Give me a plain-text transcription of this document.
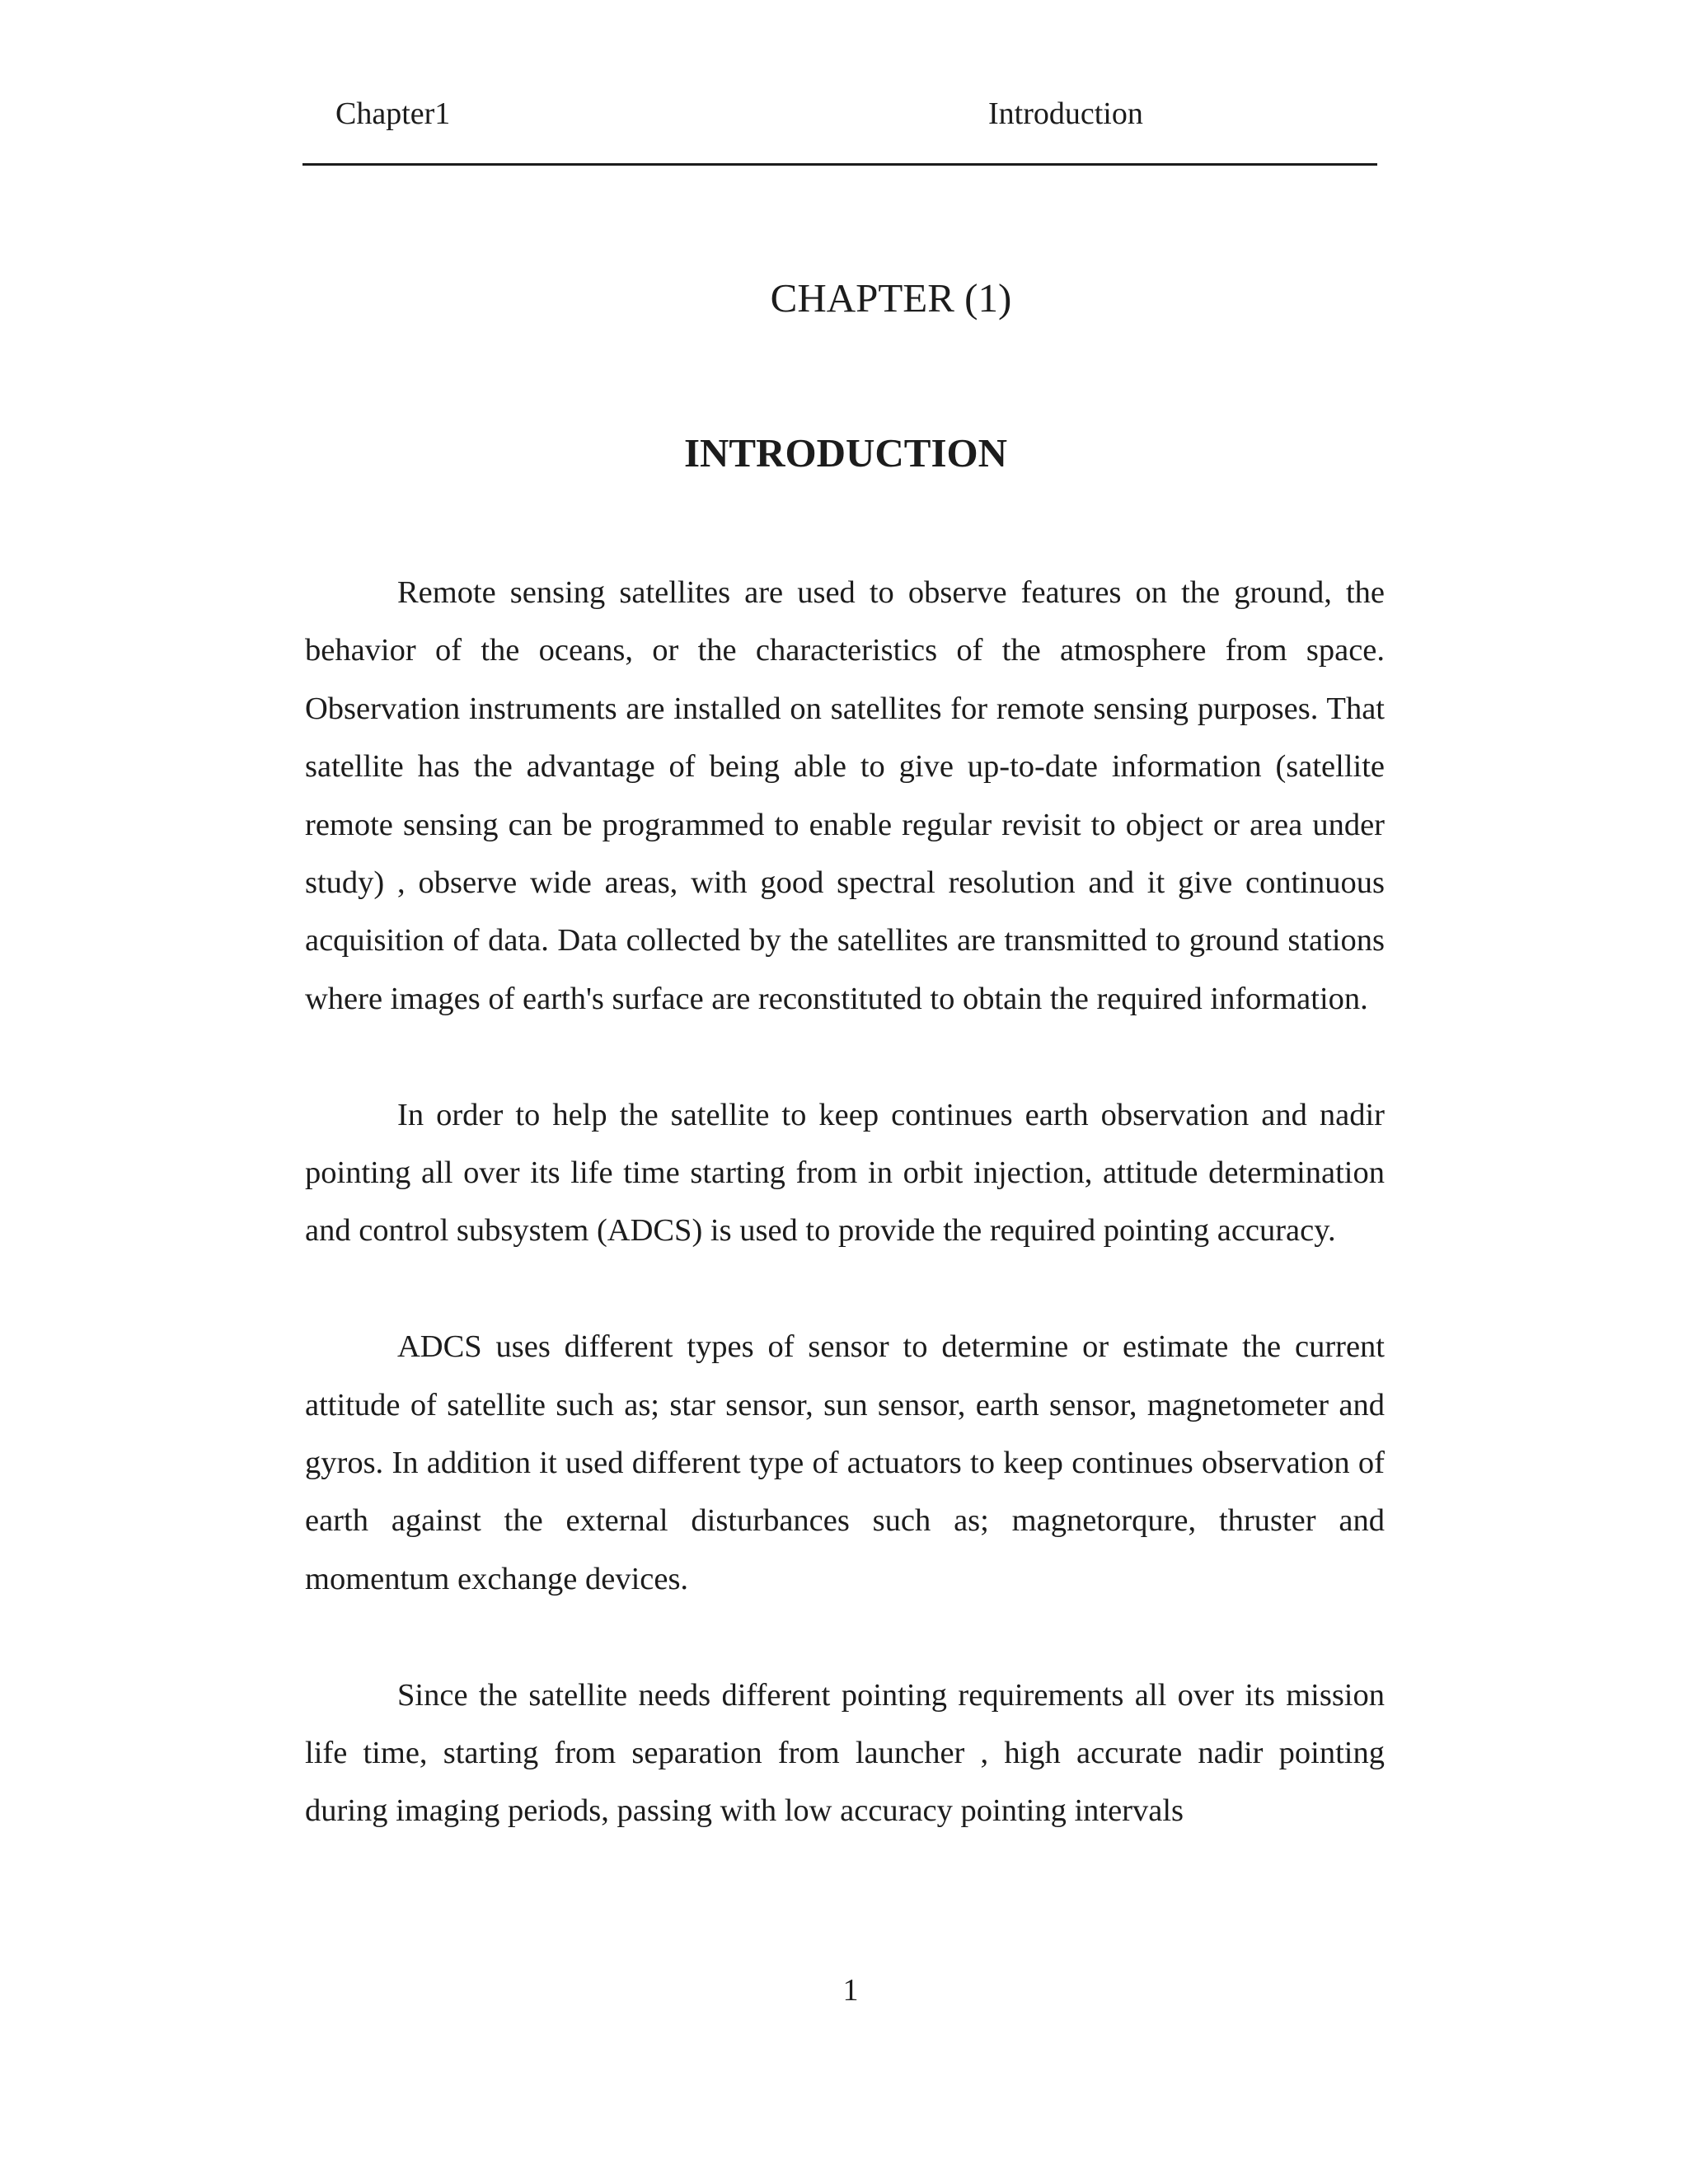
Chapter1	Introduction
CHAPTER (1)
INTRODUCTION

Remote sensing satellites are used to observe features on the ground, the behavior of the oceans, or the characteristics of the atmosphere from space. Observation instruments are installed on satellites for remote sensing purposes. That satellite has the advantage of being able to give up-to-date information (satellite remote sensing can be programmed to enable regular revisit to object or area under study) , observe wide areas, with good spectral resolution and it give continuous acquisition of data. Data collected by the satellites are transmitted to ground stations where images of earth's surface are reconstituted to obtain the required information.

In order to help the satellite to keep continues earth observation and nadir pointing all over its life time starting from in orbit injection, attitude determination and control subsystem (ADCS) is used to provide the required pointing accuracy.

ADCS uses different types of sensor to determine or estimate the current attitude of satellite such as; star sensor, sun sensor, earth sensor, magnetometer and gyros. In addition it used different type of actuators to keep continues observation of earth against the external disturbances such as; magnetorqure, thruster and momentum exchange devices.

Since the satellite needs different pointing requirements all over its mission life time, starting from separation from launcher , high accurate nadir pointing during imaging periods, passing with low accuracy pointing intervals

1
